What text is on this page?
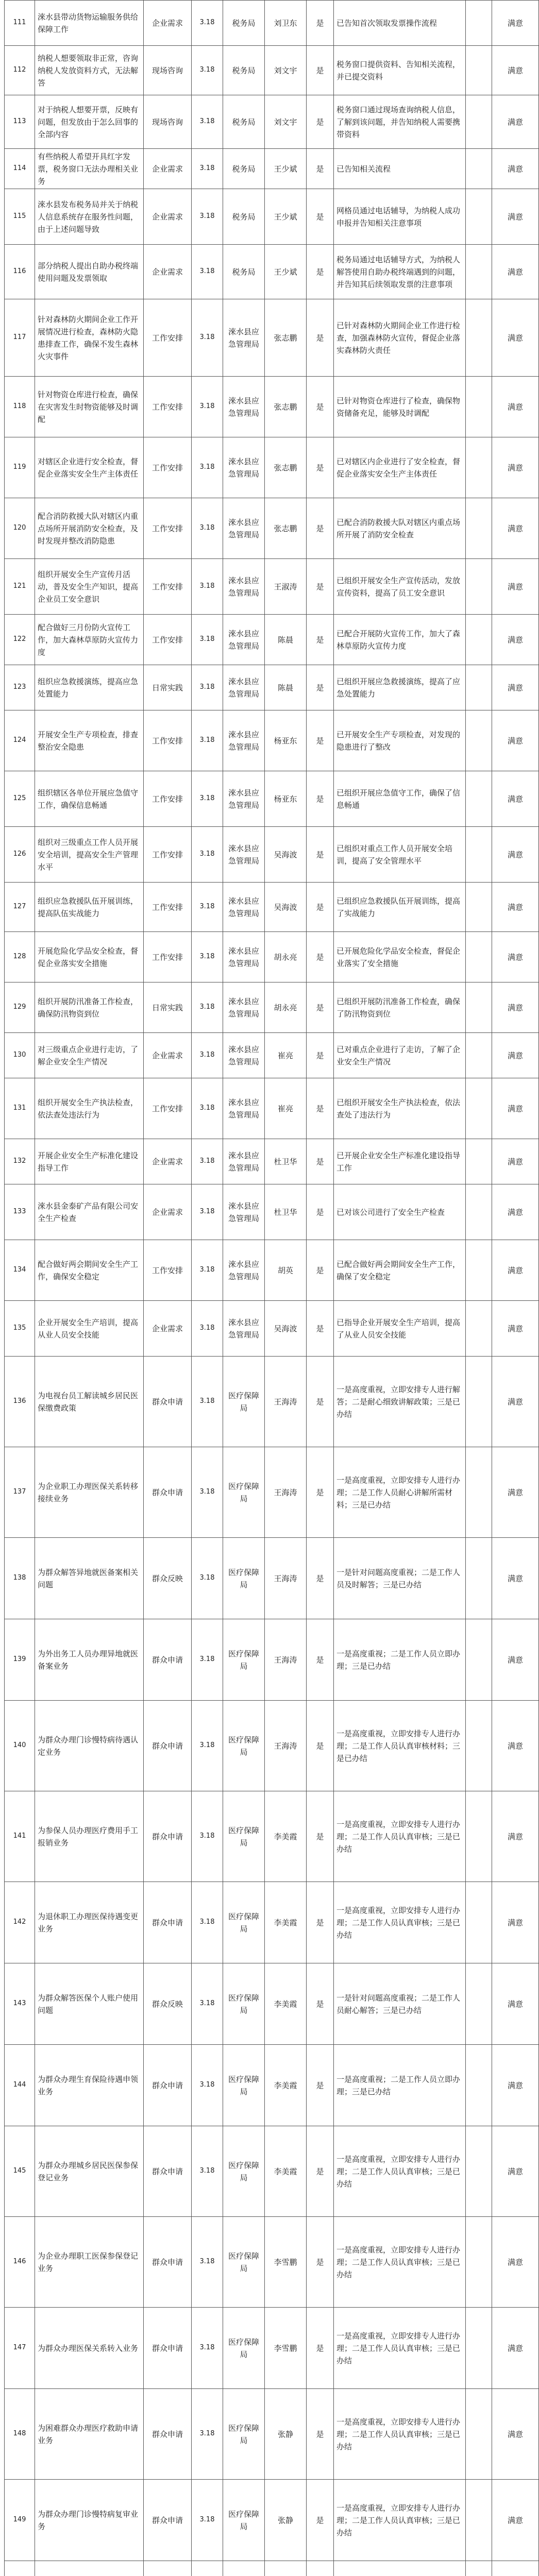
111	淶水县带动货物运输服务供给保障工作	企业需求	3.18	税务局	刘卫东	是	已告知首次领取发票操作流程		满意
112	纳税人想要领取非正常，咨询纳税人发放资料方式，无法解答	现场咨询	3.18	税务局	刘文宇	是	税务窗口提供资料、告知相关流程，并已提交资料		满意
113	对于纳税人想要开票，反映有问题，但发放由于怎么回事的全部内容	现场咨询	3.18	税务局	刘文宇	是	税务窗口通过现场查询纳税人信息，了解到该问题，并告知纳税人需要携带资料		满意
114	有些纳税人希望开具红字发票，税务窗口无法办理相关业务	企业需求	3.18	税务局	王少斌	是	已告知相关流程		满意
115	淶水县发布税务局并关于纳税人信息系统存在服务性问题，由于上述问题导致	企业需求	3.18	税务局	王少斌	是	网格员通过电话辅导，为纳税人成功申报并告知相关注意事项		满意
116	部分纳税人提出自助办税终端使用问题及发票领取	企业需求	3.18	税务局	王少斌	是	税务局通过电话辅导方式，为纳税人解答使用自助办税终端遇到的问题，并告知其后续领取发票的注意事项		满意
117	针对森林防火期间企业工作开展情况进行检查，森林防火隐患排查工作，确保不发生森林火灾事件	工作安排	3.18	淶水县应急管理局	张志鹏	是	已针对森林防火期间企业工作进行检查，加强森林防火宣传，督促企业落实森林防火责任		满意
118	针对物资仓库进行检查，确保在灾害发生时物资能够及时调配	工作安排	3.18	淶水县应急管理局	张志鹏	是	已针对物资仓库进行了检查，确保物资储备充足，能够及时调配		满意
119	对辖区企业进行安全检查，督促企业落实安全生产主体责任	工作安排	3.18	淶水县应急管理局	张志鹏	是	已对辖区内企业进行了安全检查，督促企业落实安全生产主体责任		满意
120	配合消防救援大队对辖区内重点场所开展消防安全检查，及时发现并整改消防隐患	工作安排	3.18	淶水县应急管理局	张志鹏	是	已配合消防救援大队对辖区内重点场所开展了消防安全检查		满意
121	组织开展安全生产宣传月活动，普及安全生产知识，提高企业员工安全意识	工作安排	3.18	淶水县应急管理局	王淑涛	是	已组织开展安全生产宣传活动，发放宣传资料，提高了员工安全意识		满意
122	配合做好三月份防火宣传工作，加大森林草原防火宣传力度	工作安排	3.18	淶水县应急管理局	陈晨	是	已配合开展防火宣传工作，加大了森林草原防火宣传力度		满意
123	组织应急救援演练，提高应急处置能力	日常实践	3.18	淶水县应急管理局	陈晨	是	已组织开展应急救援演练，提高了应急处置能力		满意
124	开展安全生产专项检查，排查整治安全隐患	工作安排	3.18	淶水县应急管理局	杨亚东	是	已开展安全生产专项检查，对发现的隐患进行了整改		满意
125	组织辖区各单位开展应急值守工作，确保信息畅通	工作安排	3.18	淶水县应急管理局	杨亚东	是	已组织开展应急值守工作，确保了信息畅通		满意
126	组织对三级重点工作人员开展安全培训，提高安全生产管理水平	工作安排	3.18	淶水县应急管理局	吴海波	是	已组织对重点工作人员开展安全培训，提高了安全管理水平		满意
127	组织应急救援队伍开展训练，提高队伍实战能力	工作安排	3.18	淶水县应急管理局	吴海波	是	已组织应急救援队伍开展训练，提高了实战能力		满意
128	开展危险化学品安全检查，督促企业落实安全措施	工作安排	3.18	淶水县应急管理局	胡永亮	是	已开展危险化学品安全检查，督促企业落实了安全措施		满意
129	组织开展防汛准备工作检查，确保防汛物资到位	日常实践	3.18	淶水县应急管理局	胡永亮	是	已组织开展防汛准备工作检查，确保了防汛物资到位		满意
130	对三级重点企业进行走访，了解企业安全生产情况	企业需求	3.18	淶水县应急管理局	崔亮	是	已对重点企业进行了走访，了解了企业安全生产情况		满意
131	组织开展安全生产执法检查，依法查处违法行为	工作安排	3.18	淶水县应急管理局	崔亮	是	已组织开展安全生产执法检查，依法查处了违法行为		满意
132	开展企业安全生产标准化建设指导工作	企业需求	3.18	淶水县应急管理局	杜卫华	是	已开展企业安全生产标准化建设指导工作		满意
133	淶水县金泰矿产品有限公司安全生产检查	企业需求	3.18	淶水县应急管理局	杜卫华	是	已对该公司进行了安全生产检查		满意
134	配合做好两会期间安全生产工作，确保安全稳定	工作安排	3.18	淶水县应急管理局	胡英	是	已配合做好两会期间安全生产工作，确保了安全稳定		满意
135	企业开展安全生产培训，提高从业人员安全技能	企业需求	3.18	淶水县应急管理局	吴海波	是	已指导企业开展安全生产培训，提高了从业人员安全技能		满意
136	为电视台员工解读城乡居民医保缴费政策	群众申请	3.18	医疗保障局	王海涛	是	一是高度重视，立即安排专人进行解答；二是耐心细致讲解政策；三是已办结		满意
137	为企业职工办理医保关系转移接续业务	群众申请	3.18	医疗保障局	王海涛	是	一是高度重视，立即安排专人进行办理；二是工作人员耐心讲解所需材料；三是已办结		满意
138	为群众解答异地就医备案相关问题	群众反映	3.18	医疗保障局	王海涛	是	一是针对问题高度重视；二是工作人员及时解答；三是已办结		满意
139	为外出务工人员办理异地就医备案业务	群众申请	3.18	医疗保障局	王海涛	是	一是高度重视；二是工作人员立即办理；三是已办结		满意
140	为群众办理门诊慢特病待遇认定业务	群众申请	3.18	医疗保障局	王海涛	是	一是高度重视，立即安排专人进行办理；二是工作人员认真审核材料；三是已办结		满意
141	为参保人员办理医疗费用手工报销业务	群众申请	3.18	医疗保障局	李美霞	是	一是高度重视，立即安排专人进行办理；二是工作人员认真审核；三是已办结		满意
142	为退休职工办理医保待遇变更业务	群众申请	3.18	医疗保障局	李美霞	是	一是高度重视，立即安排专人进行办理；二是工作人员认真审核；三是已办结		满意
143	为群众解答医保个人账户使用问题	群众反映	3.18	医疗保障局	李美霞	是	一是针对问题高度重视；二是工作人员耐心解答；三是已办结		满意
144	为群众办理生育保险待遇申领业务	群众申请	3.18	医疗保障局	李美霞	是	一是高度重视；二是工作人员立即办理；三是已办结		满意
145	为群众办理城乡居民医保参保登记业务	群众申请	3.18	医疗保障局	李美霞	是	一是高度重视，立即安排专人进行办理；二是工作人员认真审核；三是已办结		满意
146	为企业办理职工医保参保登记业务	群众申请	3.18	医疗保障局	李雪鹏	是	一是高度重视，立即安排专人进行办理；二是工作人员认真审核；三是已办结		满意
147	为群众办理医保关系转入业务	群众申请	3.18	医疗保障局	李雪鹏	是	一是高度重视，立即安排专人进行办理；二是工作人员认真审核；三是已办结		满意
148	为困难群众办理医疗救助申请业务	群众申请	3.18	医疗保障局	张静	是	一是高度重视，立即安排专人进行办理；二是工作人员认真审核；三是已办结		满意
149	为群众办理门诊慢特病复审业务	群众申请	3.18	医疗保障局	张静	是	一是高度重视，立即安排专人进行办理；二是工作人员认真审核；三是已办结		满意
